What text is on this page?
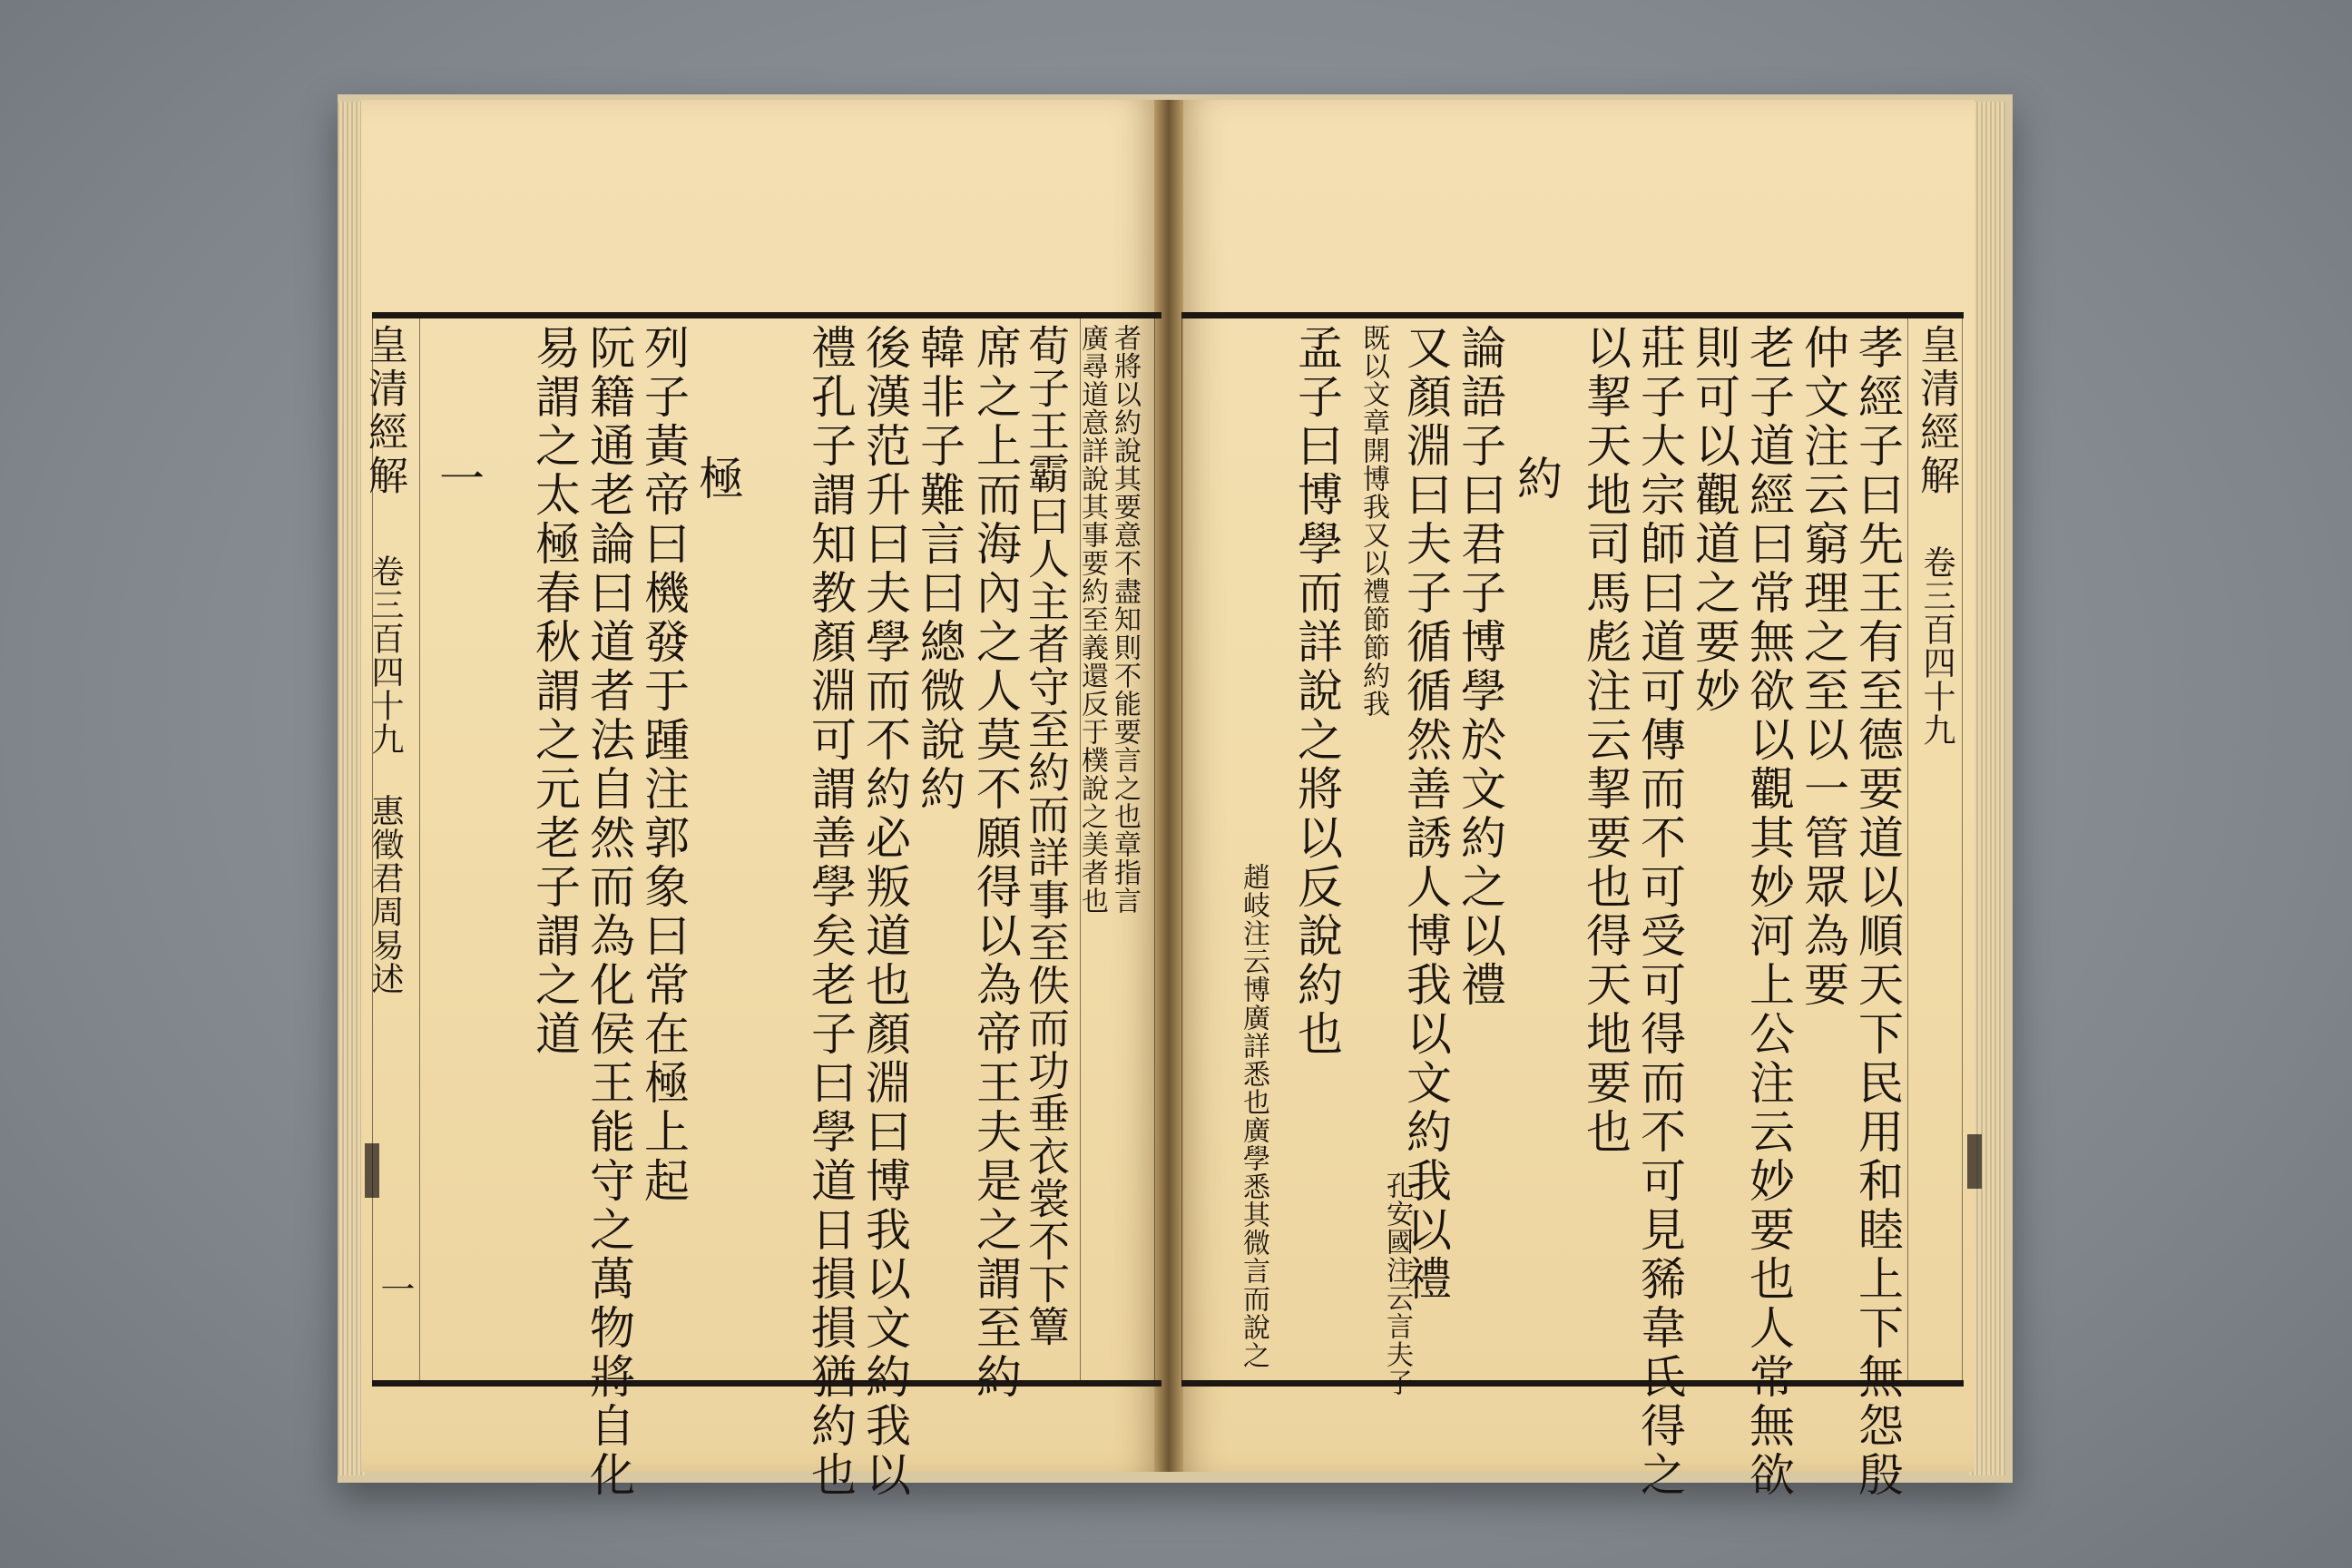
者將以約說其要意不盡知則不能要言之也章指言
廣尋道意詳說其事要約至義還反于樸說之美者也
荀子王霸曰人主者守至約而詳事至佚而功垂衣裳不下簟
席之上而海內之人莫不願得以為帝王夫是之謂至約
韓非子難言曰總微說約
後漢范升曰夫學而不約必叛道也顏淵曰博我以文約我以
禮孔子謂知教顏淵可謂善學矣老子曰學道日損損猶約也
極
列子黃帝曰機發于踵注郭象曰常在極上起
阮籍通老論曰道者法自然而為化侯王能守之萬物將自化
易謂之太極春秋謂之元老子謂之道
一
皇清經解
卷三百四十九 惠徵君周易述
一
皇清經解
卷三百四十九
孝經子曰先王有至德要道以順天下民用和睦上下無怨殷
仲文注云窮理之至以一管眾為要
老子道經曰常無欲以觀其妙河上公注云妙要也人常無欲
則可以觀道之要妙
莊子大宗師曰道可傳而不可受可得而不可見豨韋氏得之
以挈天地司馬彪注云挈要也得天地要也
約
論語子曰君子博學於文約之以禮
又顏淵曰夫子循循然善誘人博我以文約我以禮
既以文章開博我又以禮節節約我
孟子曰博學而詳說之將以反說約也
趙岐注云博廣詳悉也廣學悉其微言而說之	孔安國注云言夫子
